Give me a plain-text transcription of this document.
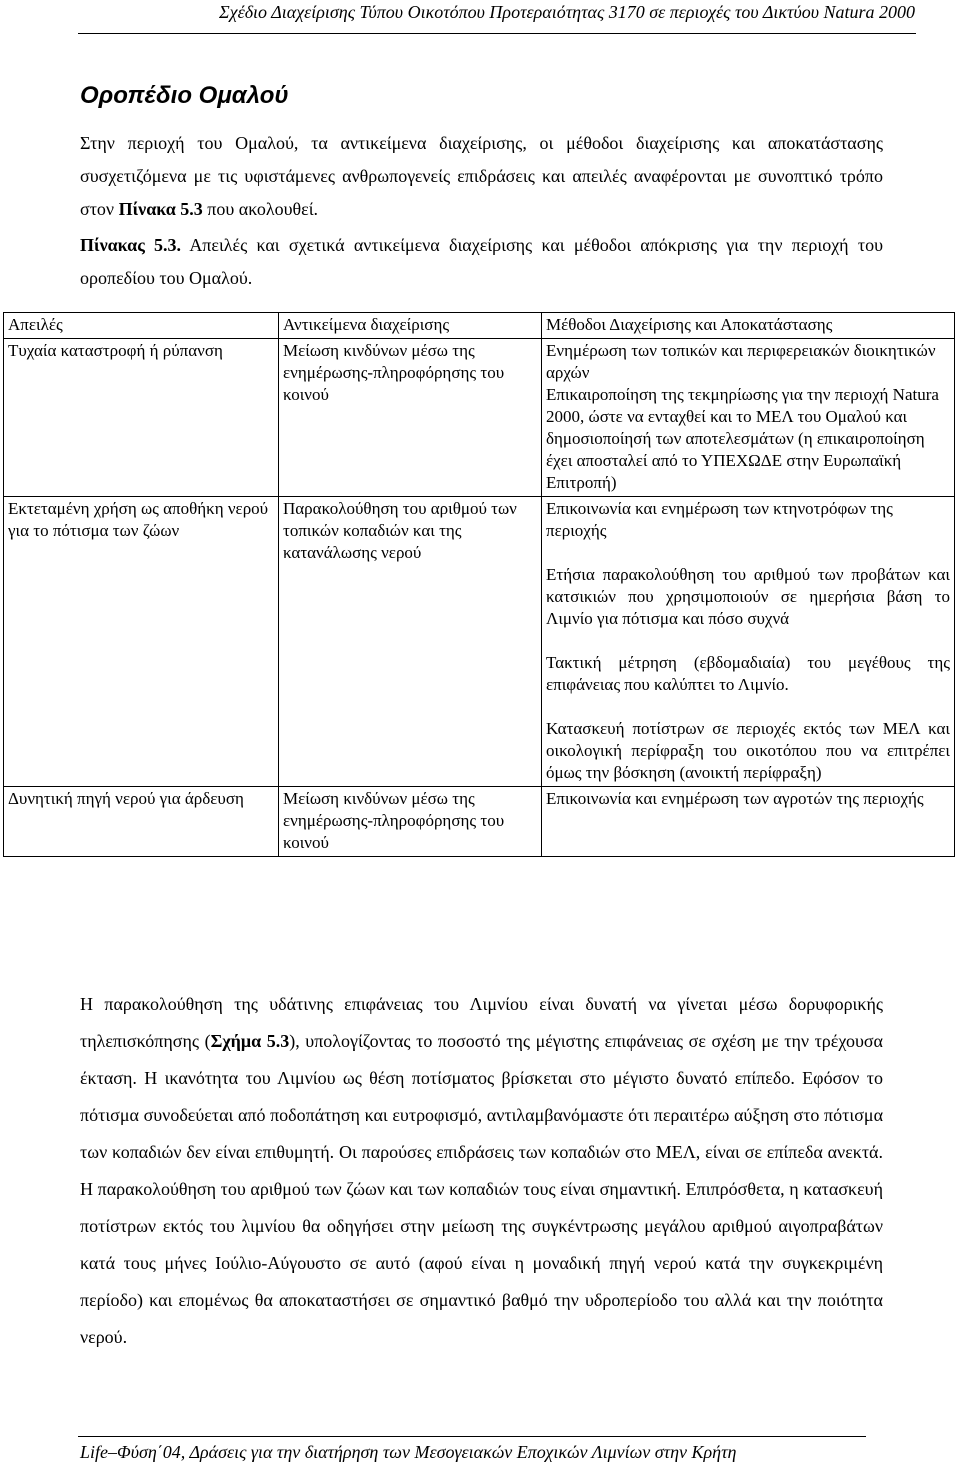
Σχέδιο Διαχείρισης Τύπου Οικοτόπου Προτεραιότητας 3170 σε περιοχές του Δικτύου Natura 2000
Οροπέδιο Ομαλού
Στην περιοχή του Ομαλού, τα αντικείμενα διαχείρισης, οι μέθοδοι διαχείρισης και αποκατάστασης συσχετιζόμενα με τις υφιστάμενες ανθρωπογενείς επιδράσεις και απειλές αναφέρονται με συνοπτικό τρόπο στον Πίνακα 5.3 που ακολουθεί.
Πίνακας 5.3. Απειλές και σχετικά αντικείμενα διαχείρισης και μέθοδοι απόκρισης για την περιοχή του οροπεδίου του Ομαλού.
Απειλές	Αντικείμενα διαχείρισης	Μέθοδοι Διαχείρισης και Αποκατάστασης
Τυχαία καταστροφή ή ρύπανση	Μείωση κινδύνων μέσω της ενημέρωσης-πληροφόρησης του κοινού	Ενημέρωση των τοπικών και περιφερειακών διοικητικών αρχών
Επικαιροποίηση της τεκμηρίωσης για την περιοχή Natura 2000, ώστε να ενταχθεί και το ΜΕΛ του Ομαλού και δημοσιοποίησή των αποτελεσμάτων (η επικαιροποίηση έχει αποσταλεί από το ΥΠΕΧΩΔΕ στην Ευρωπαϊκή Επιτροπή)

Εκτεταμένη χρήση ως αποθήκη νερού για το πότισμα των ζώων	Παρακολούθηση του αριθμού των τοπικών κοπαδιών και της κατανάλωσης νερού	Επικοινωνία και ενημέρωση των κτηνοτρόφων της περιοχής
Ετήσια παρακολούθηση του αριθμού των προβάτων και κατσικιών που χρησιμοποιούν σε ημερήσια βάση το Λιμνίο για πότισμα και πόσο συχνά
Τακτική μέτρηση (εβδομαδιαία) του μεγέθους της επιφάνειας που καλύπτει το Λιμνίο.
Κατασκευή ποτίστρων σε περιοχές εκτός των ΜΕΛ και οικολογική περίφραξη του οικοτόπου που να επιτρέπει όμως την βόσκηση (ανοικτή περίφραξη)

Δυνητική πηγή νερού για άρδευση	Μείωση κινδύνων μέσω της ενημέρωσης-πληροφόρησης του κοινού	Επικοινωνία και ενημέρωση των αγροτών της περιοχής
Η παρακολούθηση της υδάτινης επιφάνειας του Λιμνίου είναι δυνατή να γίνεται μέσω δορυφορικής τηλεπισκόπησης (Σχήμα 5.3), υπολογίζοντας το ποσοστό της μέγιστης επιφάνειας σε σχέση με την τρέχουσα έκταση. Η ικανότητα του Λιμνίου ως θέση ποτίσματος βρίσκεται στο μέγιστο δυνατό επίπεδο. Εφόσον το πότισμα συνοδεύεται από ποδοπάτηση και ευτροφισμό, αντιλαμβανόμαστε ότι περαιτέρω αύξηση στο πότισμα των κοπαδιών δεν είναι επιθυμητή. Οι παρούσες επιδράσεις των κοπαδιών στο ΜΕΛ, είναι σε επίπεδα ανεκτά. Η παρακολούθηση του αριθμού των ζώων και των κοπαδιών τους είναι σημαντική. Επιπρόσθετα, η κατασκευή ποτίστρων εκτός του λιμνίου θα οδηγήσει στην μείωση της συγκέντρωσης μεγάλου αριθμού αιγοπραβάτων κατά τους μήνες Ιούλιο-Αύγουστο σε αυτό (αφού είναι η μοναδική πηγή νερού κατά την συγκεκριμένη περίοδο) και επομένως θα αποκαταστήσει σε σημαντικό βαθμό την υδροπερίοδο του αλλά και την ποιότητα νερού.
Life–Φύση΄04, Δράσεις για την διατήρηση των Μεσογειακών Εποχικών Λιμνίων στην Κρήτη
